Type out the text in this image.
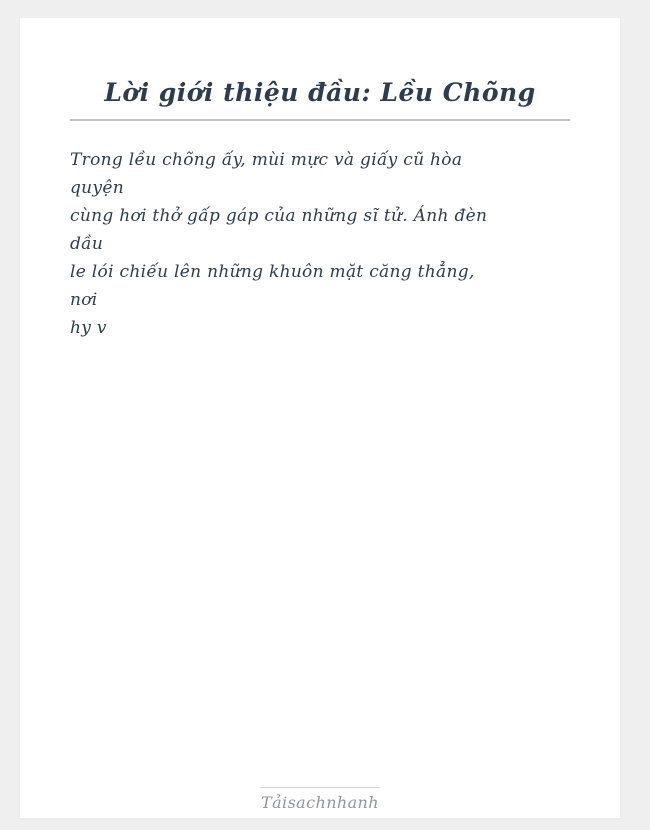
Lời giới thiệu đầu: Lều Chõng
Trong lều chõng ấy, mùi mực và giấy cũ hòa
quyện
cùng hơi thở gấp gáp của những sĩ tử. Ánh đèn
dầu
le lói chiếu lên những khuôn mặt căng thẳng,
nơi
hy v
Tảisachnhanh
